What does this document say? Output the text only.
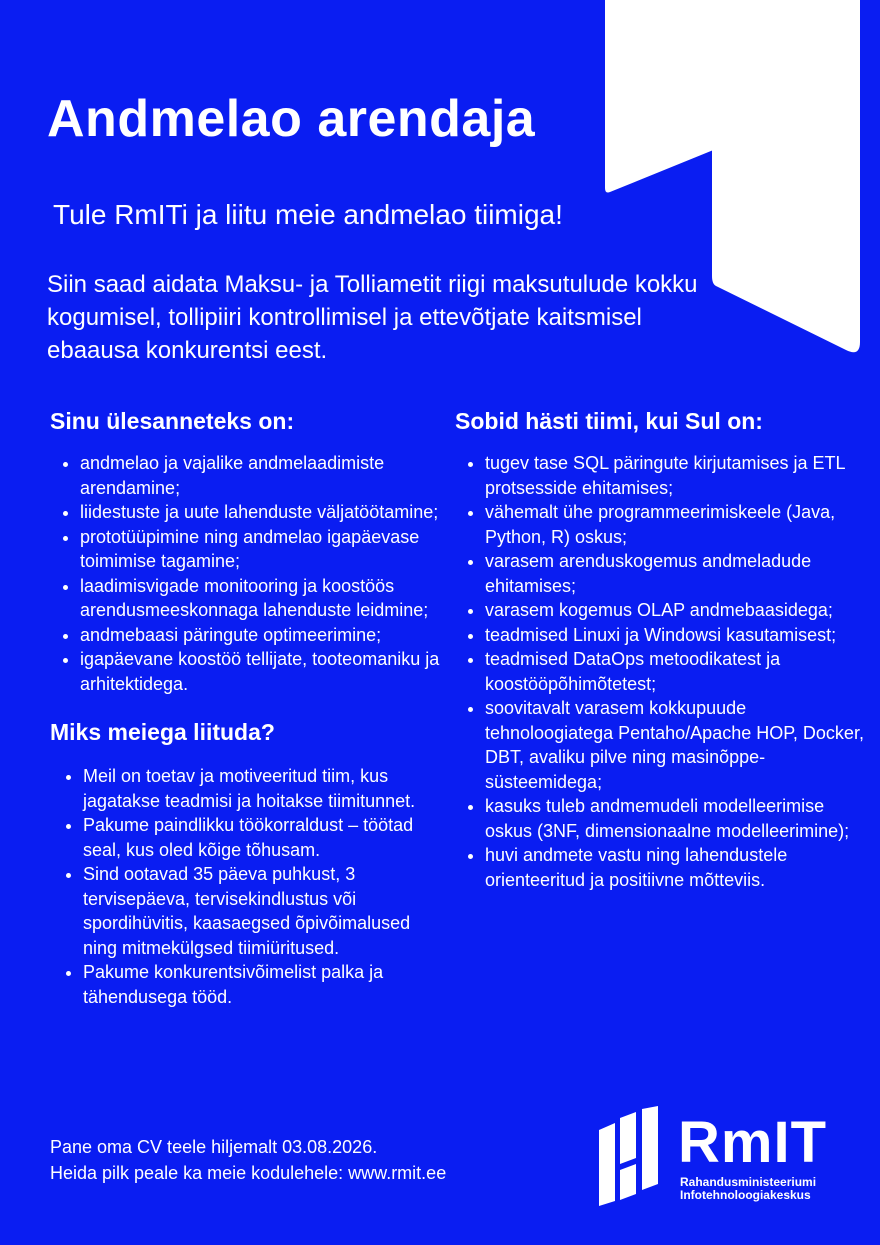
Andmelao arendaja
Tule RmITi ja liitu meie andmelao tiimiga!

Siin saad aidata Maksu- ja Tolliametit riigi maksutulude kokku kogumisel, tollipiiri kontrollimisel ja ettevõtjate kaitsmisel ebaausa konkurentsi eest.

Sinu ülesanneteks on:
• andmelao ja vajalike andmelaadimiste arendamine;
• liidestuste ja uute lahenduste väljatöötamine;
• prototüüpimine ning andmelao igapäevase toimimise tagamine;
• laadimisvigade monitooring ja koostöös arendusmeeskonnaga lahenduste leidmine;
• andmebaasi päringute optimeerimine;
• igapäevane koostöö tellijate, tooteomaniku ja arhitektidega.
Miks meiega liituda?
• Meil on toetav ja motiveeritud tiim, kus jagatakse teadmisi ja hoitakse tiimitunnet.
• Pakume paindlikku töökorraldust – töötad seal, kus oled kõige tõhusam.
• Sind ootavad 35 päeva puhkust, 3 tervisepäeva, tervisekindlustus või spordihüvitis, kaasaegsed õpivõimalused ning mitmekülgsed tiimiüritused.
• Pakume konkurentsivõimelist palka ja tähendusega tööd.
Sobid hästi tiimi, kui Sul on:
• tugev tase SQL päringute kirjutamises ja ETL protsesside ehitamises;
• vähemalt ühe programmeerimiskeele (Java, Python, R) oskus;
• varasem arenduskogemus andmeladude ehitamises;
• varasem kogemus OLAP andmebaasidega;
• teadmised Linuxi ja Windowsi kasutamisest;
• teadmised DataOps metoodikatest ja koostööpõhimõtetest;
• soovitavalt varasem kokkupuude tehnoloogiatega Pentaho/Apache HOP, Docker, DBT, avaliku pilve ning masinõppe-süsteemidega;
• kasuks tuleb andmemudeli modelleerimise oskus (3NF, dimensionaalne modelleerimine);
• huvi andmete vastu ning lahendustele orienteeritud ja positiivne mõtteviis.
Pane oma CV teele hiljemalt 03.08.2026.
Heida pilk peale ka meie kodulehele: www.rmit.ee	RmIT
Rahandusministeeriumi
Infotehnoloogiakeskus
